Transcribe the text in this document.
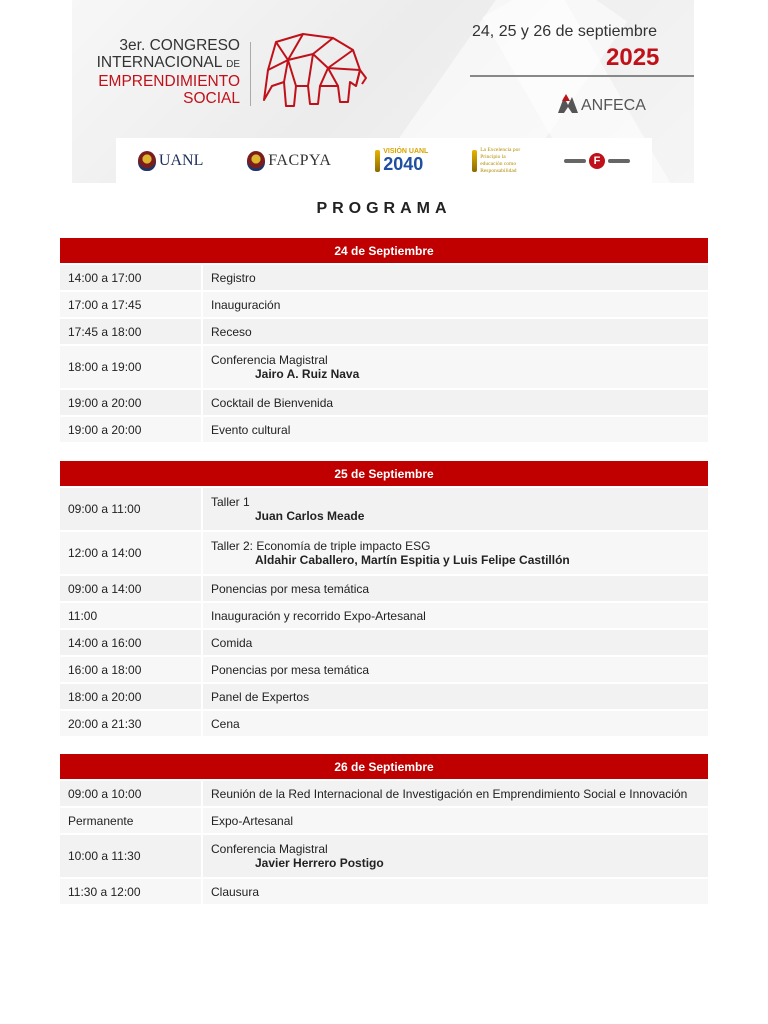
3er. CONGRESO
INTERNACIONAL DE
EMPRENDIMIENTO
SOCIAL
24, 25 y 26 de septiembre
2025
ANFECA
UANL	FACPYA	VISIÓN UANL
2040
La Excelencia por Principio la educación como Responsabilidad
F
PROGRAMA
24 de Septiembre
14:00 a 17:00	Registro
17:00 a 17:45	Inauguración
17:45 a 18:00	Receso
18:00 a 19:00	Conferencia Magistral
Jairo A. Ruiz Nava
19:00 a 20:00	Cocktail de Bienvenida
19:00 a 20:00	Evento cultural
25 de Septiembre
09:00 a 11:00	Taller 1
Juan Carlos Meade
12:00 a 14:00	Taller 2: Economía de triple impacto ESG
Aldahir Caballero, Martín Espitia y Luis Felipe Castillón
09:00 a 14:00	Ponencias por mesa temática
11:00	Inauguración y recorrido Expo-Artesanal
14:00 a 16:00	Comida
16:00 a 18:00	Ponencias por mesa temática
18:00 a 20:00	Panel de Expertos
20:00 a 21:30	Cena
26 de Septiembre
09:00 a 10:00	Reunión de la Red Internacional de Investigación en Emprendimiento Social e Innovación
Permanente	Expo-Artesanal
10:00 a 11:30	Conferencia Magistral
Javier Herrero Postigo
11:30 a 12:00	Clausura
